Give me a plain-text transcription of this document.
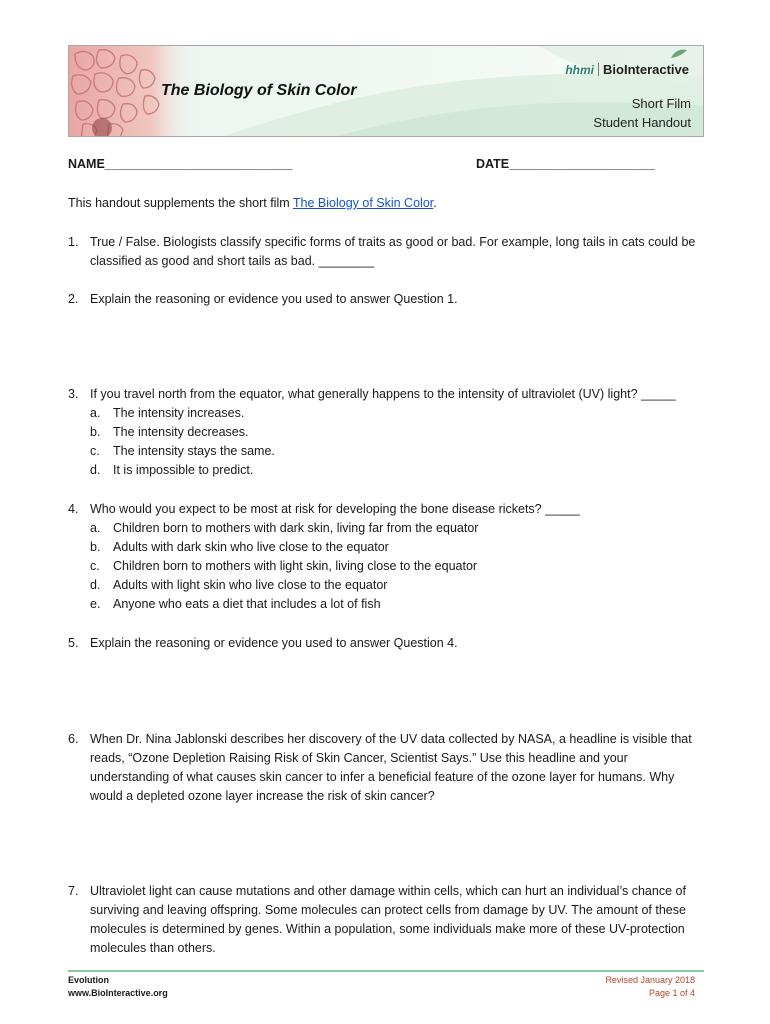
The Biology of Skin Color
hhmi BioInteractive
Short Film
Student Handout
NAME___________________________	DATE_____________________
This handout supplements the short film The Biology of Skin Color.
1. True / False. Biologists classify specific forms of traits as good or bad. For example, long tails in cats could be classified as good and short tails as bad. ________
2. Explain the reasoning or evidence you used to answer Question 1.
3. If you travel north from the equator, what generally happens to the intensity of ultraviolet (UV) light? _____
a. The intensity increases.
b. The intensity decreases.
c. The intensity stays the same.
d. It is impossible to predict.
4. Who would you expect to be most at risk for developing the bone disease rickets? _____
a. Children born to mothers with dark skin, living far from the equator
b. Adults with dark skin who live close to the equator
c. Children born to mothers with light skin, living close to the equator
d. Adults with light skin who live close to the equator
e. Anyone who eats a diet that includes a lot of fish
5. Explain the reasoning or evidence you used to answer Question 4.
6. When Dr. Nina Jablonski describes her discovery of the UV data collected by NASA, a headline is visible that reads, “Ozone Depletion Raising Risk of Skin Cancer, Scientist Says.” Use this headline and your understanding of what causes skin cancer to infer a beneficial feature of the ozone layer for humans. Why would a depleted ozone layer increase the risk of skin cancer?
7. Ultraviolet light can cause mutations and other damage within cells, which can hurt an individual’s chance of surviving and leaving offspring. Some molecules can protect cells from damage by UV. The amount of these molecules is determined by genes. Within a population, some individuals make more of these UV-protection molecules than others.
Evolution
www.BioInteractive.org
Revised January 2018
Page 1 of 4
